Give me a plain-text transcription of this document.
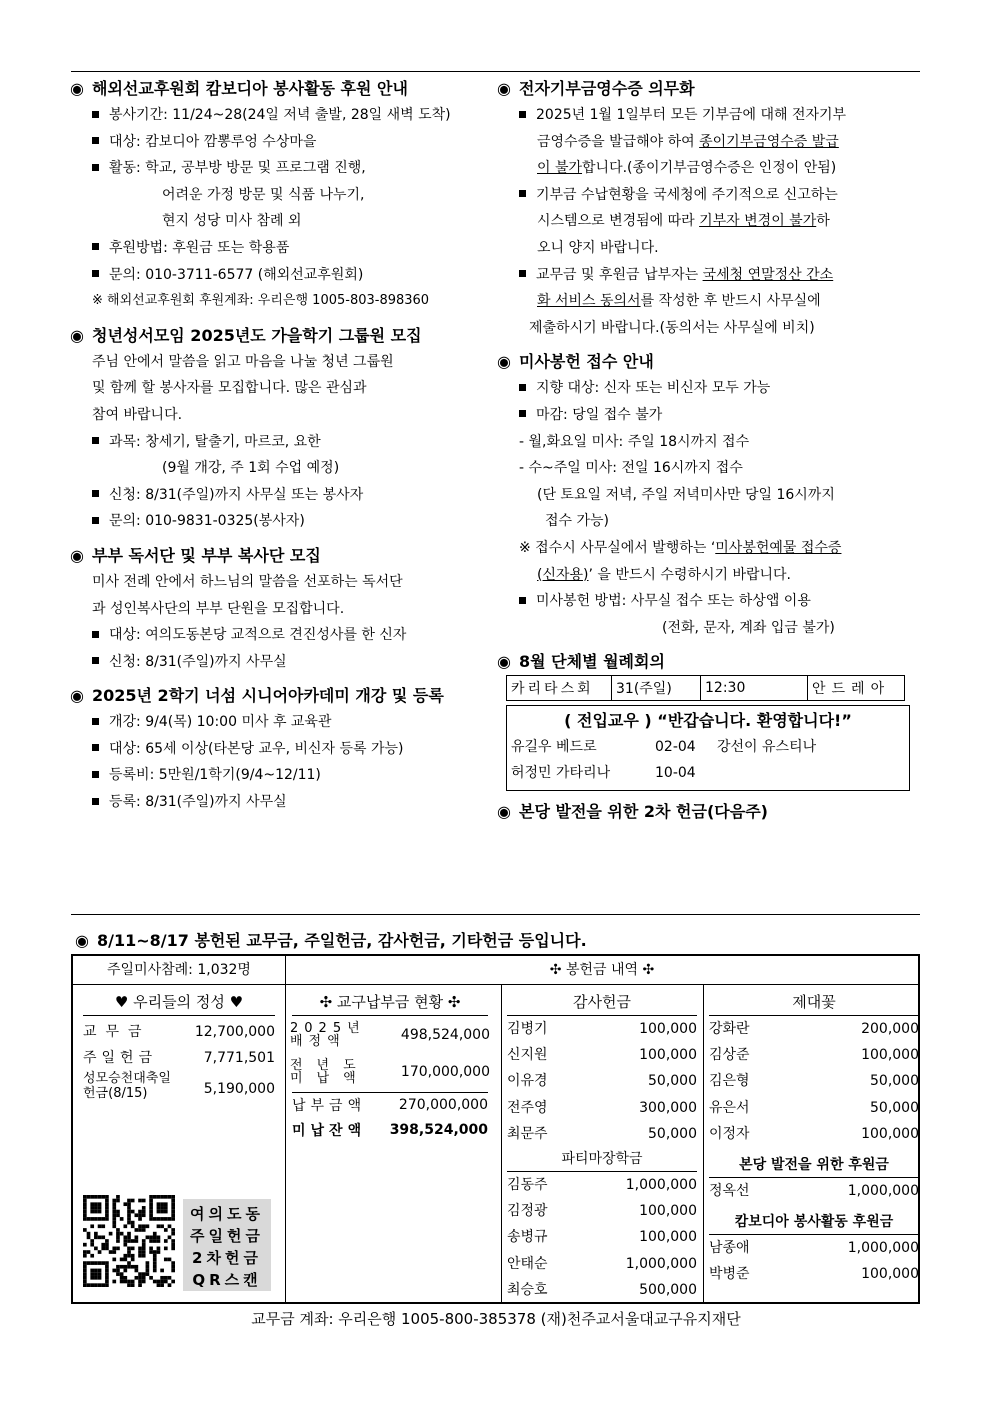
◉ 해외선교후원회 캄보디아 봉사활동 후원 안내
봉사기간: 11/24~28(24일 저녁 출발, 28일 새벽 도착)
대상: 캄보디아 깜뽕루엉 수상마을
활동: 학교, 공부방 방문 및 프로그램 진행,
어려운 가정 방문 및 식품 나누기,
현지 성당 미사 참례 외
후원방법: 후원금 또는 학용품
문의: 010-3711-6577 (해외선교후원회)
※ 해외선교후원회 후원계좌: 우리은행 1005-803-898360
◉ 청년성서모임 2025년도 가을학기 그룹원 모집
주님 안에서 말씀을 읽고 마음을 나눌 청년 그룹원
및 함께 할 봉사자를 모집합니다. 많은 관심과
참여 바랍니다.
과목: 창세기, 탈출기, 마르코, 요한
(9월 개강, 주 1회 수업 예정)
신청: 8/31(주일)까지 사무실 또는 봉사자
문의: 010-9831-0325(봉사자)
◉ 부부 독서단 및 부부 복사단 모집
미사 전례 안에서 하느님의 말씀을 선포하는 독서단
과 성인복사단의 부부 단원을 모집합니다.
대상: 여의도동본당 교적으로 견진성사를 한 신자
신청: 8/31(주일)까지 사무실
◉ 2025년 2학기 너섬 시니어아카데미 개강 및 등록
개강: 9/4(목) 10:00 미사 후 교육관
대상: 65세 이상(타본당 교우, 비신자 등록 가능)
등록비: 5만원/1학기(9/4~12/11)
등록: 8/31(주일)까지 사무실
◉ 전자기부금영수증 의무화
2025년 1월 1일부터 모든 기부금에 대해 전자기부
금영수증을 발급해야 하여 종이기부금영수증 발급
이 불가합니다.(종이기부금영수증은 인정이 안됨)
기부금 수납현황을 국세청에 주기적으로 신고하는
시스템으로 변경됨에 따라 기부자 변경이 불가하
오니 양지 바랍니다.
교무금 및 후원금 납부자는 국세청 연말정산 간소
화 서비스 동의서를 작성한 후 반드시 사무실에
제출하시기 바랍니다.(동의서는 사무실에 비치)
◉ 미사봉헌 접수 안내
지향 대상: 신자 또는 비신자 모두 가능
마감: 당일 접수 불가
- 월,화요일 미사: 주일 18시까지 접수
- 수~주일 미사: 전일 16시까지 접수
(단 토요일 저녁, 주일 저녁미사만 당일 16시까지
접수 가능)
※ 접수시 사무실에서 발행하는 ‘미사봉헌예물 접수증
(신자용)’ 을 반드시 수령하시기 바랍니다.
미사봉헌 방법: 사무실 접수 또는 하상앱 이용
(전화, 문자, 계좌 입금 불가)
◉ 8월 단체별 월례회의
카리타스회	31(주일)	12:30	안드레아
( 전입교우 ) “반갑습니다. 환영합니다!”
유길우 베드로	02-04 강선이 유스티나
허정민 가타리나	10-04
◉ 본당 발전을 위한 2차 헌금(다음주)
◉ 8/11~8/17 봉헌된 교무금, 주일헌금, 감사헌금, 기타헌금 등입니다.
주일미사참례: 1,032명	✣ 봉헌금 내역 ✣
♥ 우리들의 정성 ♥
교무금	12,700,000
주일헌금	7,771,501
성모승천대축일
헌금(8/15)	5,190,000
여의도동
주일헌금
2차헌금
QR스캔
✣ 교구납부금 현황 ✣
2025년
배정액	498,524,000
전년도
미납액 170,000,000
납부금액 270,000,000
미납잔액 398,524,000
감사헌금
김병기	100,000
신지원	100,000
이유경	50,000
전주영	300,000
최문주	50,000
파티마장학금
김동주	1,000,000
김정광	100,000
송병규	100,000
안태순	1,000,000
최승호	500,000
제대꽃
강화란	200,000
김상준	100,000
김은형	50,000
유은서	50,000
이정자	100,000
본당 발전을 위한 후원금
정옥선	1,000,000
캄보디아 봉사활동 후원금
남종애	1,000,000
박병준	100,000
교무금 계좌: 우리은행 1005-800-385378 (재)천주교서울대교구유지재단
